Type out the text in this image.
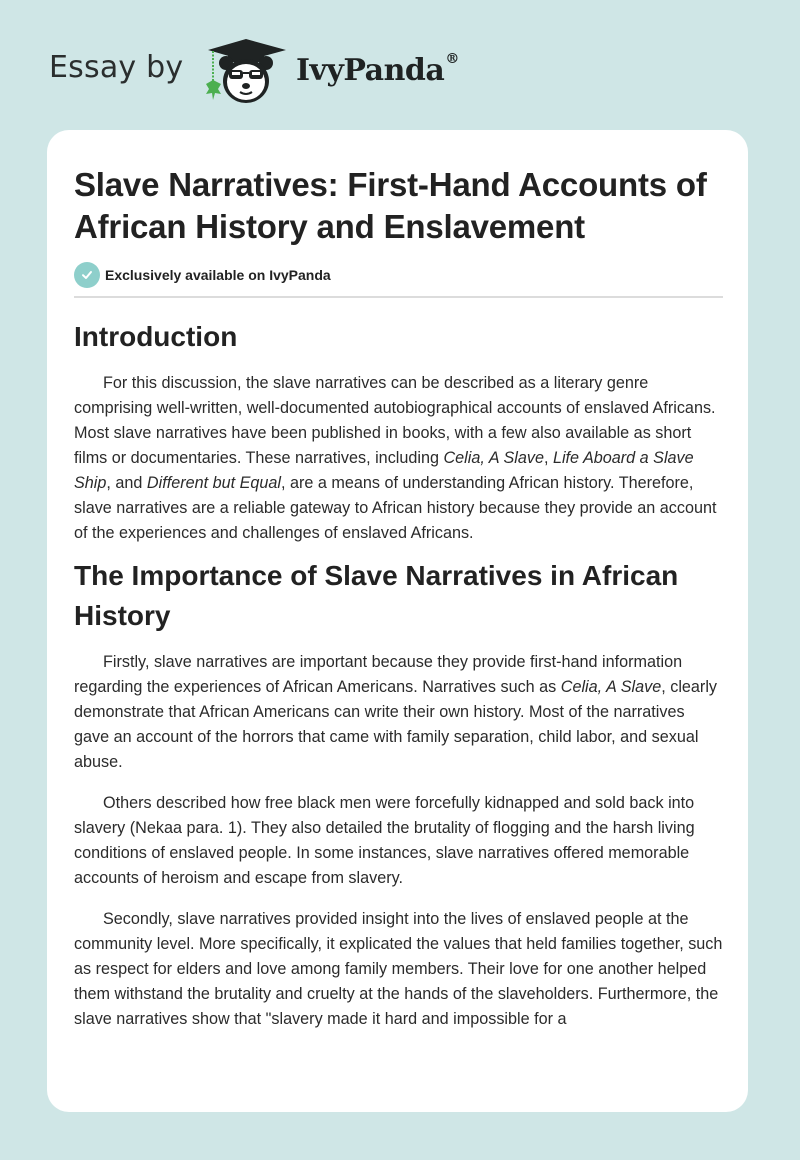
Essay by	IvyPanda®
Slave Narratives: First-Hand Accounts of African History and Enslavement
Exclusively available on IvyPanda
Introduction

For this discussion, the slave narratives can be described as a literary genre comprising well-written, well-documented autobiographical accounts of enslaved Africans. Most slave narratives have been published in books, with a few also available as short films or documentaries. These narratives, including Celia, A Slave, Life Aboard a Slave Ship, and Different but Equal, are a means of understanding African history. Therefore, slave narratives are a reliable gateway to African history because they provide an account of the experiences and challenges of enslaved Africans.

The Importance of Slave Narratives in African History

Firstly, slave narratives are important because they provide first-hand information regarding the experiences of African Americans. Narratives such as Celia, A Slave, clearly demonstrate that African Americans can write their own history. Most of the narratives gave an account of the horrors that came with family separation, child labor, and sexual abuse.

Others described how free black men were forcefully kidnapped and sold back into slavery (Nekaa para. 1). They also detailed the brutality of flogging and the harsh living conditions of enslaved people. In some instances, slave narratives offered memorable accounts of heroism and escape from slavery.

Secondly, slave narratives provided insight into the lives of enslaved people at the community level. More specifically, it explicated the values that held families together, such as respect for elders and love among family members. Their love for one another helped them withstand the brutality and cruelty at the hands of the slaveholders. Furthermore, the slave narratives show that "slavery made it hard and impossible for a
